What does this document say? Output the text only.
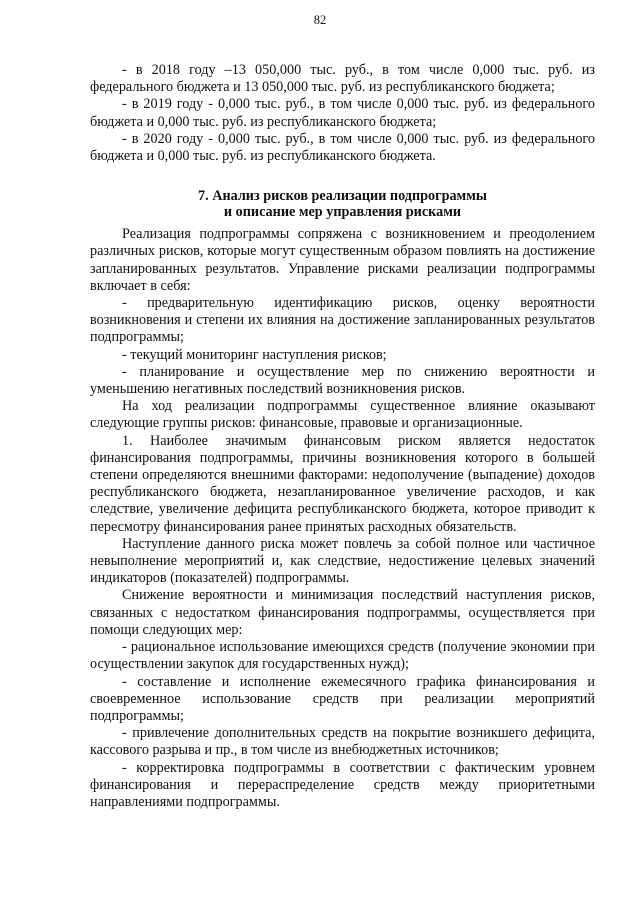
82

- в 2018 году –13 050,000 тыс. руб., в том числе 0,000 тыс. руб. из федерального бюджета и 13 050,000 тыс. руб. из республиканского бюджета;

- в 2019 году - 0,000 тыс. руб., в том числе 0,000 тыс. руб. из федерального бюджета и 0,000 тыс. руб. из республиканского бюджета;

- в 2020 году - 0,000 тыс. руб., в том числе 0,000 тыс. руб. из федерального бюджета и 0,000 тыс. руб. из республиканского бюджета.

7. Анализ рисков реализации подпрограммы
и описание мер управления рисками

Реализация подпрограммы сопряжена с возникновением и преодолением различных рисков, которые могут существенным образом повлиять на достижение запланированных результатов. Управление рисками реализации подпрограммы включает в себя:

- предварительную идентификацию рисков, оценку вероятности возникновения и степени их влияния на достижение запланированных результатов подпрограммы;

- текущий мониторинг наступления рисков;

- планирование и осуществление мер по снижению вероятности и уменьшению негативных последствий возникновения рисков.

На ход реализации подпрограммы существенное влияние оказывают следующие группы рисков: финансовые, правовые и организационные.

1. Наиболее значимым финансовым риском является недостаток финансирования подпрограммы, причины возникновения которого в большей степени определяются внешними факторами: недополучение (выпадение) доходов республиканского бюджета, незапланированное увеличение расходов, и как следствие, увеличение дефицита республиканского бюджета, которое приводит к пересмотру финансирования ранее принятых расходных обязательств.

Наступление данного риска может повлечь за собой полное или частичное невыполнение мероприятий и, как следствие, недостижение целевых значений индикаторов (показателей) подпрограммы.

Снижение вероятности и минимизация последствий наступления рисков, связанных с недостатком финансирования подпрограммы, осуществляется при помощи следующих мер:

- рациональное использование имеющихся средств (получение экономии при осуществлении закупок для государственных нужд);

- составление и исполнение ежемесячного графика финансирования и своевременное использование средств при реализации мероприятий подпрограммы;

- привлечение дополнительных средств на покрытие возникшего дефицита, кассового разрыва и пр., в том числе из внебюджетных источников;

- корректировка подпрограммы в соответствии с фактическим уровнем финансирования и перераспределение средств между приоритетными направлениями подпрограммы.
